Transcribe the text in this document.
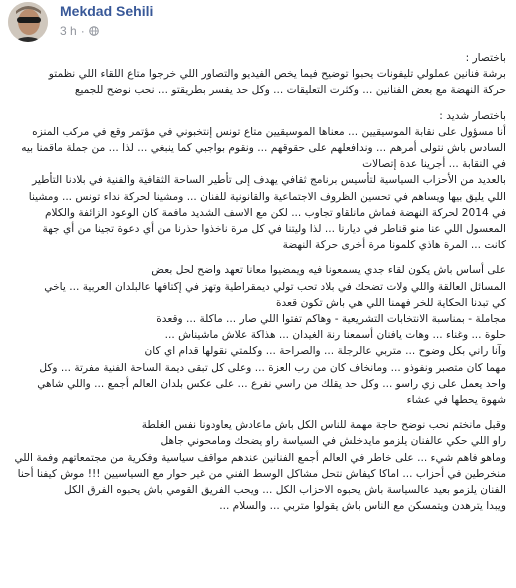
Mekdad Sehili
3 h ·

باختصار :

برشة فنانين عملولي تليفونات يحبوا توضيح فيما يخص الفيديو والتصاور اللي خرجوا متاع اللقاء اللي نظمتو

حركة النهضة مع بعض الفنانين ... وكثرت التعليقات ... وكل حد يفسر بطريقتو ... نحب نوضح للجميع

باختصار شديد :

أنا مسؤول على نقابة الموسيقيين ... معناها الموسيقيين متاع تونس إنتخبوني في مؤتمر وقع في مركب المنزه

السادس باش نتولى أمرهم ... وندافعلهم على حقوقهم ... ونقوم بواجبي كما ينبغي ... لذا ... من جملة ماقمنا بيه

في النقابة ... أجرينا عدة إتصالات

بالعديد من الأحزاب السياسية لتأسيس برنامج ثقافي يهدف إلى تأطير الساحة الثقافية والفنية في بلادنا التأطير

اللي يليق بيها ويساهم في تحسين الظروف الاجتماعية والقانونية للفنان ... ومشينا لحركة نداء تونس ... ومشينا

في 2014 لحركة النهضة فماش مانلقاو تجاوب ... لكن مع الاسف الشديد مافمة كان الوعود الزائفة والكلام

المعسول اللي عنا منو قناطر في ديارنا ... لذا وليتنا في كل مرة ناخذوا حذرنا من أي دعوة تجينا من أي جهة

كانت ... المرة هاذي كلمونا مرة أخرى حركة النهضة

على أساس باش يكون لقاء جدي يسمعونا فيه ويمضيوا معانا تعهد واضح لحل بعض

المسائل العالقة واللي ولات تضحك في بلاد تحب تولي ديمقراطية وتهز في إكتافها عالبلدان العربية ... ياخي

كي تبدنا الحكاية للخر فهمنا اللي هي باش تكون قعدة

مجاملة - بمناسبة الانتخابات التشريعية - وهاكم تفتوا اللي صار ... ماكلة ... وقعدة

حلوة ... وغناء ... وهات يافنان أسمعنا رنة الغيدان ... هذاكة علاش ماشيناش ...

وآنا راني بكل وضوح ... متربي عالرجلة ... والصراحة ... وكلمتي نقولها قدام اي كان

مهما كان متصبر ونفوذو ... ومانخاف كان من رب العزة ... وعلى كل تبقى ديمة الساحة الفنية مفرتة ... وكل

واحد يعمل على زي راسو ... وكل حد يقلك من راسي نفرع ... على عكس بلدان العالم أجمع ... واللي شاهي

شهوة يحطها في عشاء

وقبل مانختم نحب نوضح حاجة مهمة للناس الكل باش ماعادش يعاودونا نفس الغلطة

راو اللي حكي عالفنان يلزمو مايدخلش في السياسة راو يضحك ومامحوني جاهل

وماهو فاهم شيء ... على خاطر في العالم أجمع الفنانين عندهم مواقف سياسية وفكرية من مجتمعاتهم وفمة اللي

منخرطين في أحزاب ... اماكا كيفاش نتحل مشاكل الوسط الفني من غير حوار مع السياسيين !!! موش كيفنا أحنا

الفنان يلزمو بعيد عالسياسة باش يحبوه الاحزاب الكل ... ويحب الفريق القومي باش يحبوه الفرق الكل

ويبدا يترهدن ويتمسكن مع الناس باش يقولوا متربي ... والسلام ...
